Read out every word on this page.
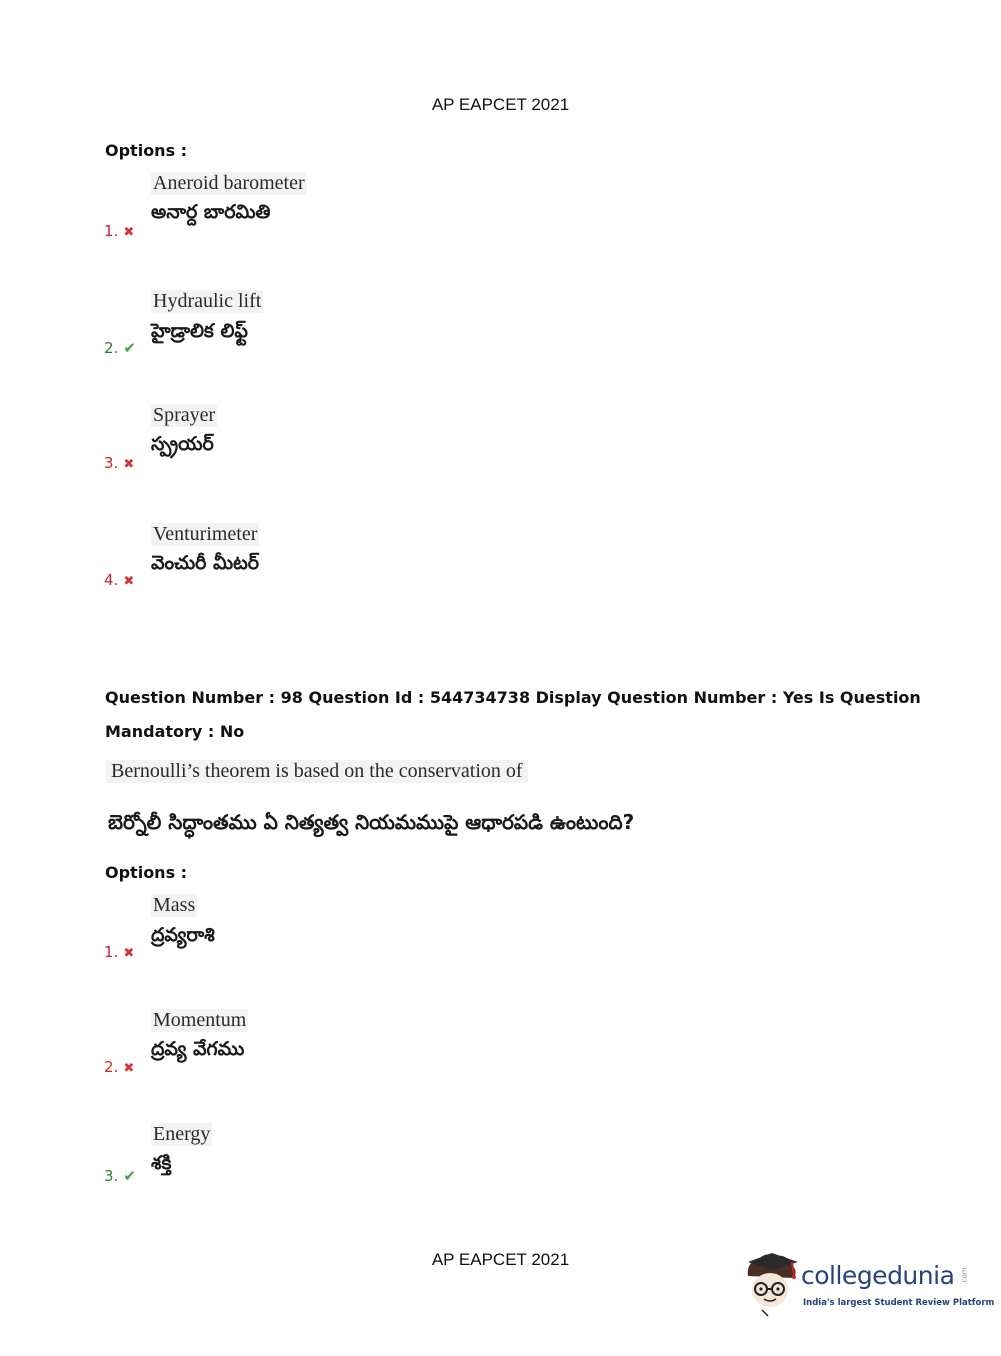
AP EAPCET 2021
Options :
Aneroid barometer
అనార్ద బారమితి
1. ✖
Hydraulic lift
హైడ్రాలిక లిఫ్ట్
2. ✔
Sprayer
స్ప్రయర్
3. ✖
Venturimeter
వెంచురీ మీటర్
4. ✖
Question Number : 98 Question Id : 544734738 Display Question Number : Yes Is Question
Mandatory : No
Bernoulli’s theorem is based on the conservation of
బెర్నోలీ సిద్ధాంతము ఏ నిత్యత్వ నియమముపై ఆధారపడి ఉంటుంది?
Options :
Mass
ద్రవ్యరాశి
1. ✖
Momentum
ద్రవ్య వేగము
2. ✖
Energy
శక్తి
3. ✔
AP EAPCET 2021
collegedunia .com
India's largest Student Review Platform
